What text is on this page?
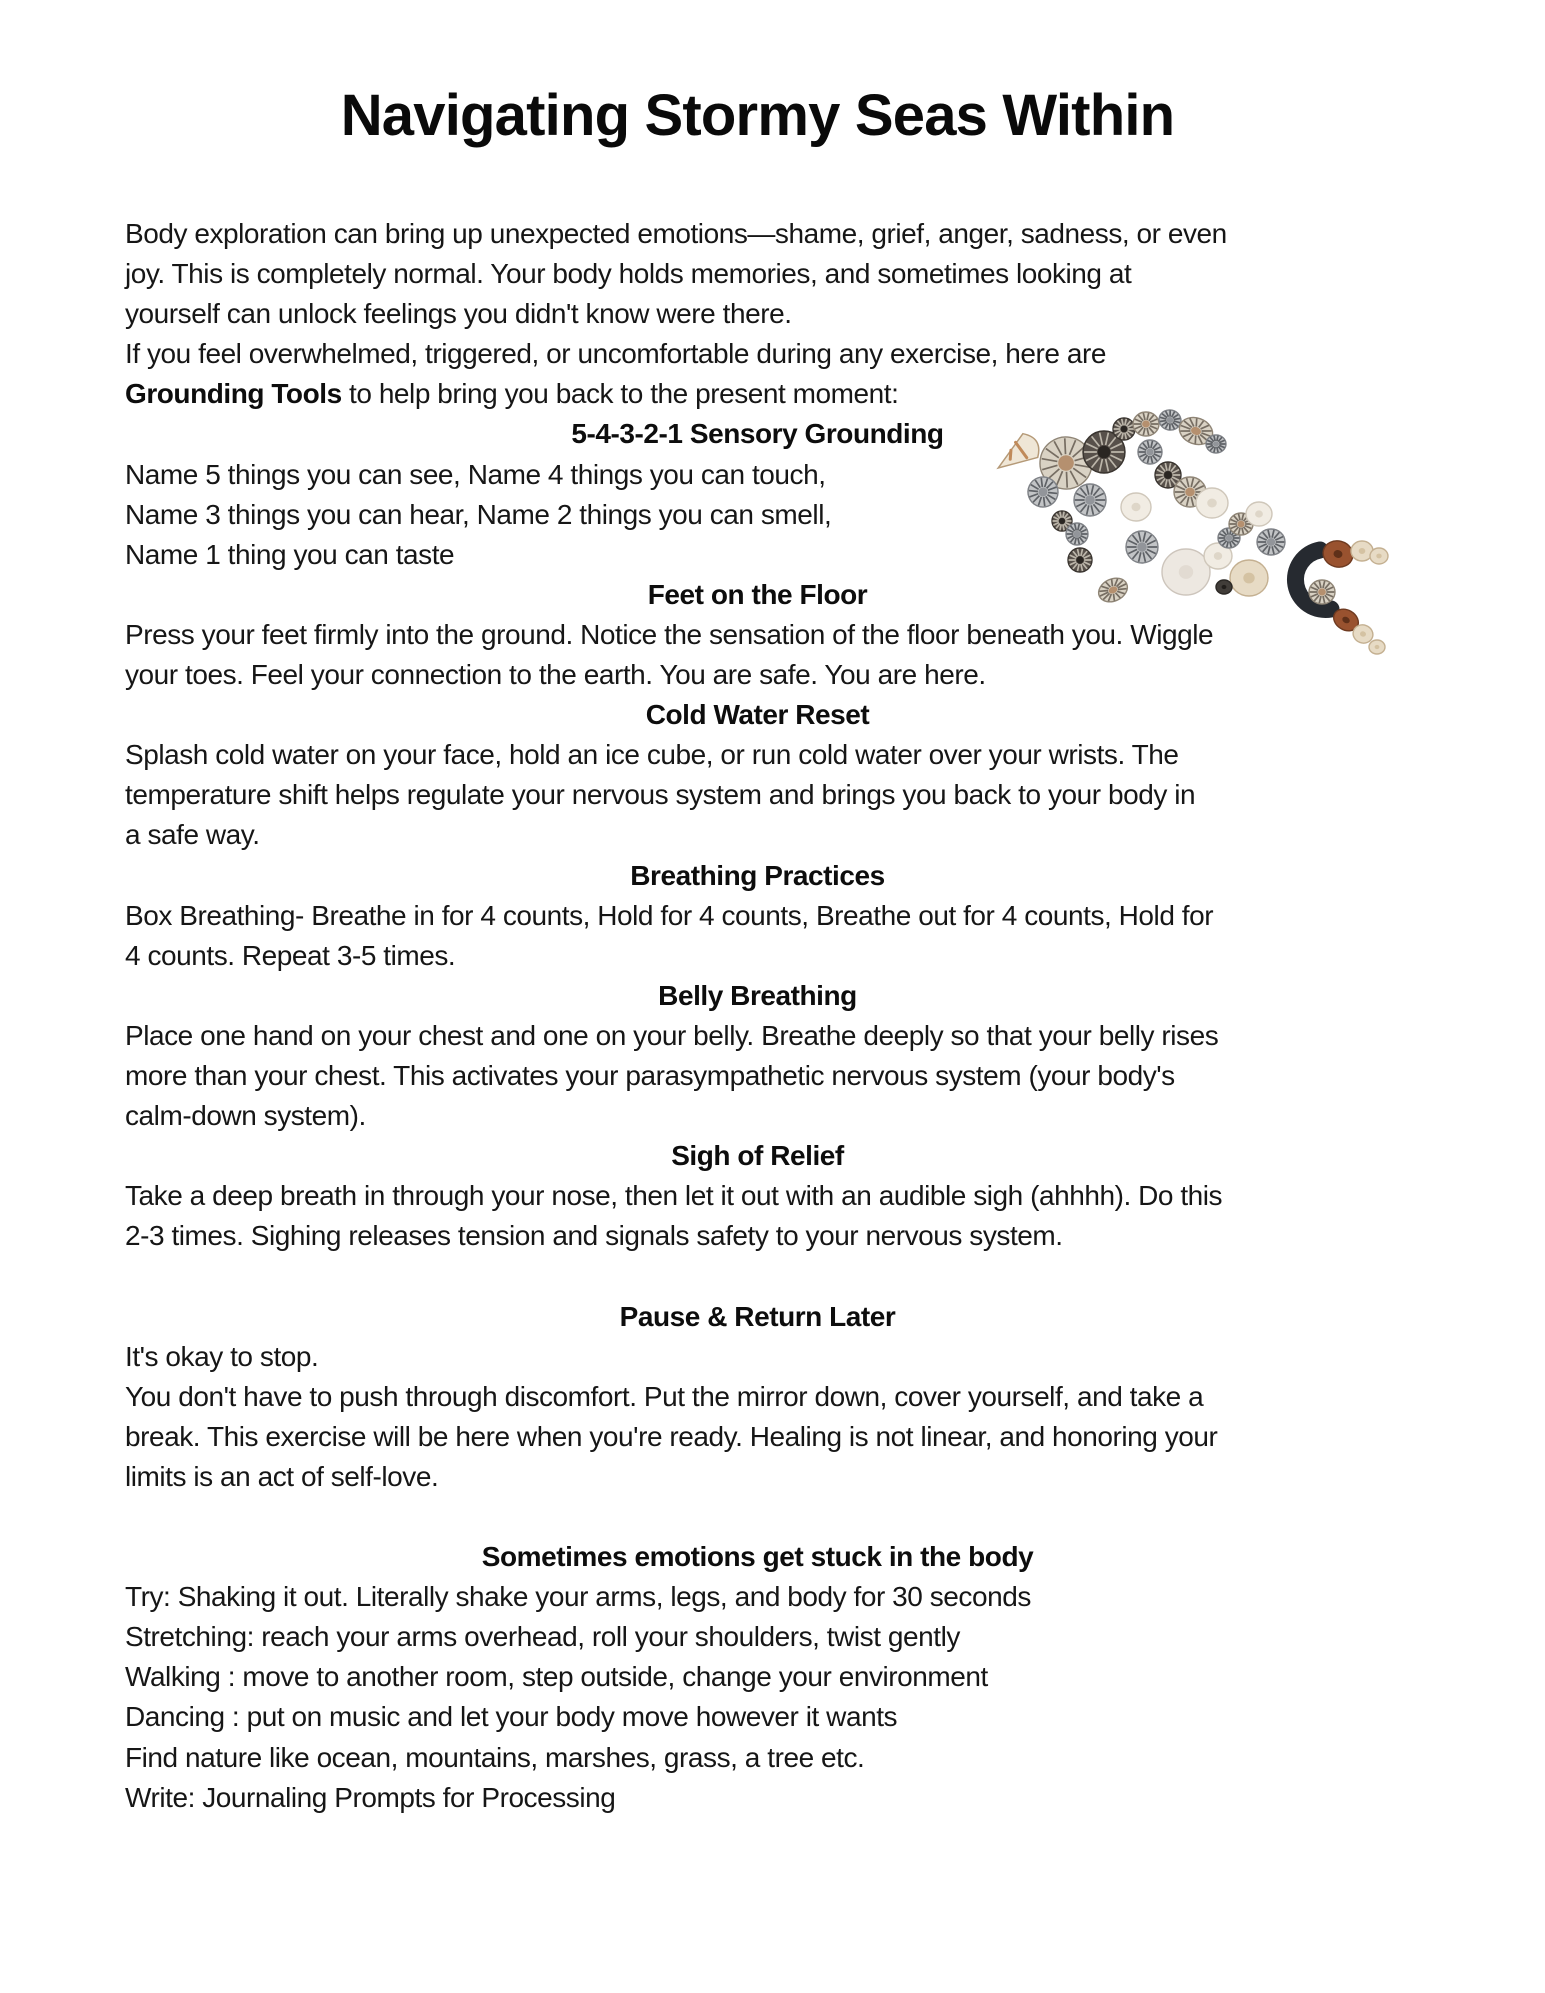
Navigating Stormy Seas Within
Body exploration can bring up unexpected emotions—shame, grief, anger, sadness, or even
joy. This is completely normal. Your body holds memories, and sometimes looking at
yourself can unlock feelings you didn't know were there.
If you feel overwhelmed, triggered, or uncomfortable during any exercise, here are
Grounding Tools to help bring you back to the present moment:
5-4-3-2-1 Sensory Grounding
Name 5 things you can see, Name 4 things you can touch,
Name 3 things you can hear, Name 2 things you can smell,
Name 1 thing you can taste
Feet on the Floor
Press your feet firmly into the ground. Notice the sensation of the floor beneath you. Wiggle
your toes. Feel your connection to the earth. You are safe. You are here.
Cold Water Reset
Splash cold water on your face, hold an ice cube, or run cold water over your wrists. The
temperature shift helps regulate your nervous system and brings you back to your body in
a safe way.
Breathing Practices
Box Breathing- Breathe in for 4 counts, Hold for 4 counts, Breathe out for 4 counts, Hold for
4 counts. Repeat 3-5 times.
Belly Breathing
Place one hand on your chest and one on your belly. Breathe deeply so that your belly rises
more than your chest. This activates your parasympathetic nervous system (your body's
calm-down system).
Sigh of Relief
Take a deep breath in through your nose, then let it out with an audible sigh (ahhhh). Do this
2-3 times. Sighing releases tension and signals safety to your nervous system.

Pause & Return Later
It's okay to stop.
You don't have to push through discomfort. Put the mirror down, cover yourself, and take a
break. This exercise will be here when you're ready. Healing is not linear, and honoring your
limits is an act of self-love.

Sometimes emotions get stuck in the body
Try: Shaking it out. Literally shake your arms, legs, and body for 30 seconds
Stretching: reach your arms overhead, roll your shoulders, twist gently
Walking : move to another room, step outside, change your environment
Dancing : put on music and let your body move however it wants
Find nature like ocean, mountains, marshes, grass, a tree etc.
Write: Journaling Prompts for Processing
